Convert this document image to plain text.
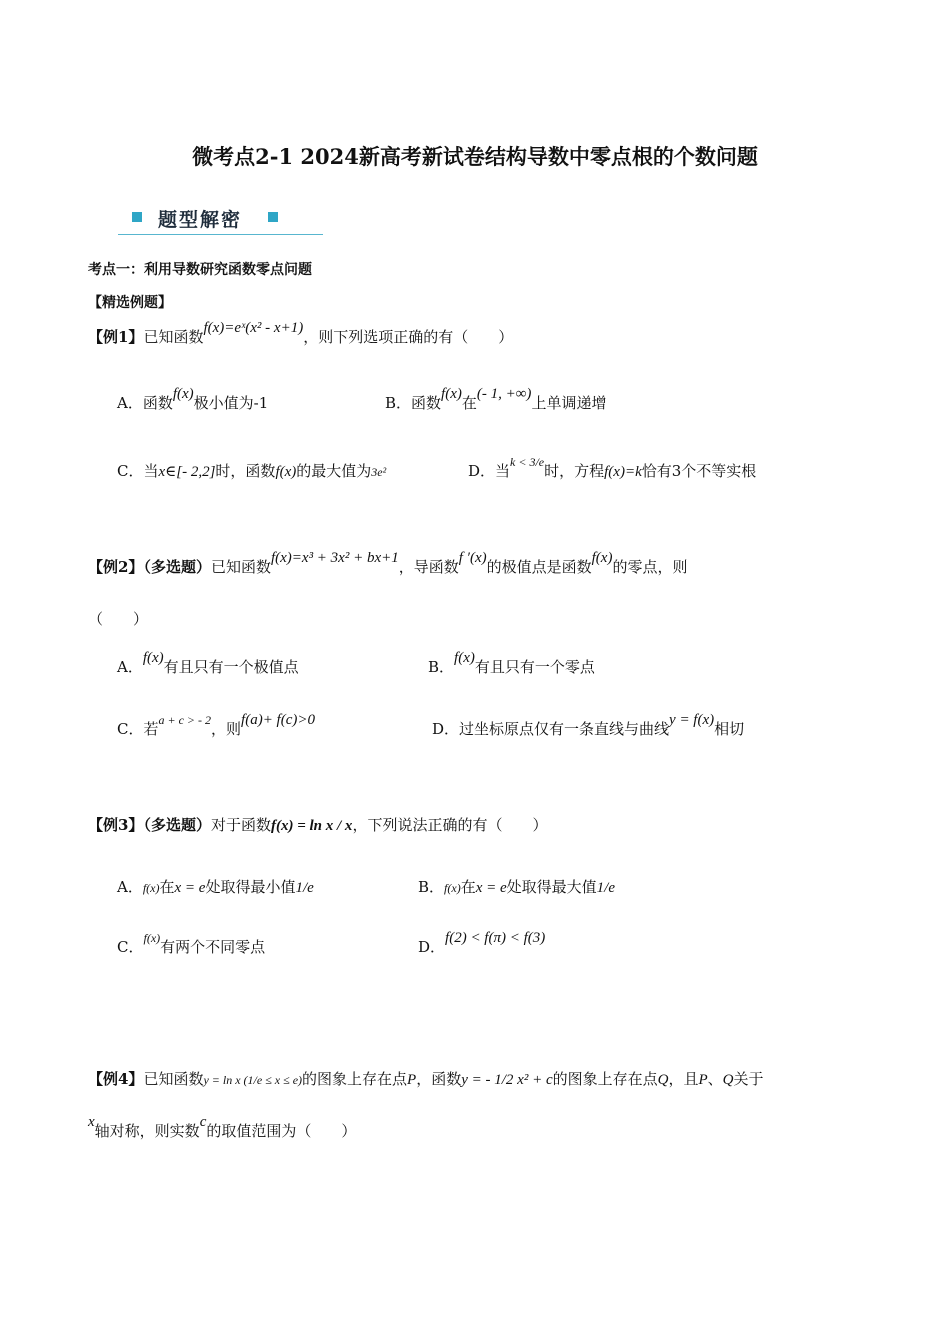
微考点2-1 2024新高考新试卷结构导数中零点根的个数问题
题型解密
考点一：利用导数研究函数零点问题
【精选例题】
【例1】已知函数f(x)=eˣ(x² - x+1)，则下列选项正确的有（　　）
A．函数f(x)极小值为-1	B．函数f(x)在(- 1, +∞)上单调递增
C．当x∈[- 2,2]时，函数f(x)的最大值为3e²	D．当$^{k < 3/e}$时，方程f(x)=k恰有3个不等实根
【例2】（多选题）已知函数f(x)=x³ + 3x² + bx+1，导函数f ′(x)的极值点是函数f(x)的零点，则
（　　）
A．f(x)有且只有一个极值点	B．f(x)有且只有一个零点
C．若$^{a + c > - 2}$，则f(a)+ f(c)>0	D．过坐标原点仅有一条直线与曲线y = f(x)相切
【例3】（多选题）对于函数f(x) = ln x / x，下列说法正确的有（　　）
A．f(x)在x = e处取得最小值1/e	B．f(x)在x = e处取得最大值1/e
C．$^{f(x)}$有两个不同零点	D．f(2) < f(π) < f(3)
【例4】已知函数y = ln x (1/e ≤ x ≤ e)的图象上存在点P，函数y = - 1/2 x² + c的图象上存在点Q，且P、Q关于
x轴对称，则实数c的取值范围为（　　）
